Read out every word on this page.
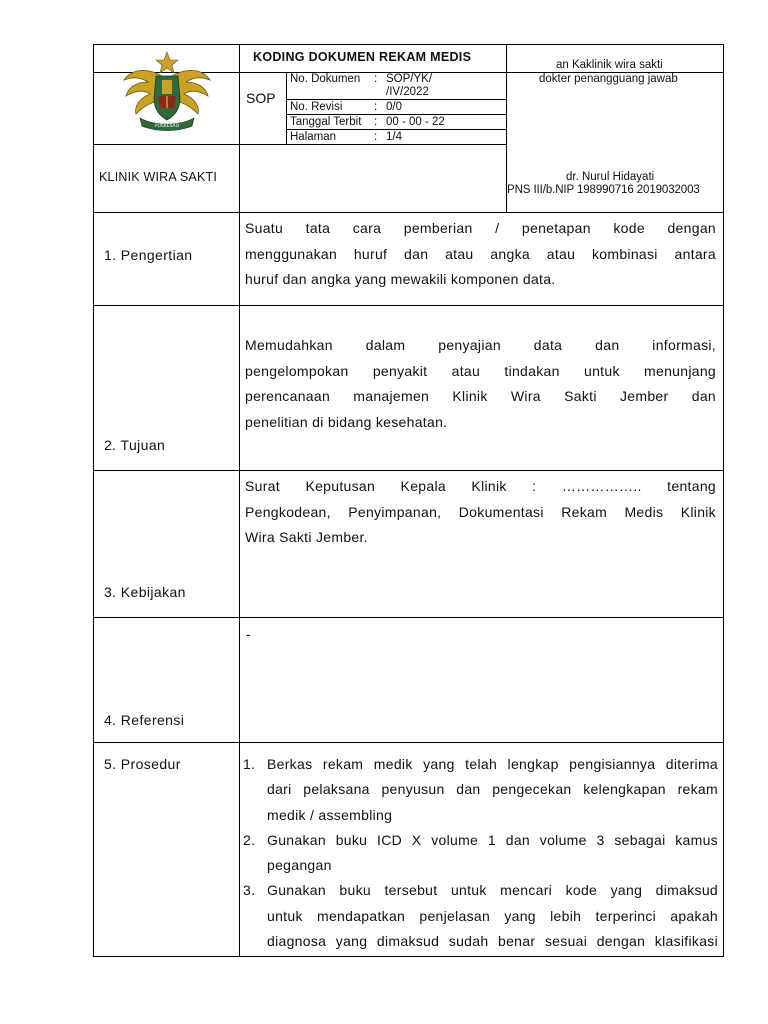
PUSKESAD
KODING DOKUMEN REKAM MEDIS
SOP
No. Dokumen : SOP/YK/
/IV/2022
No. Revisi	: 0/0
Tanggal Terbit : 00 - 00 - 22
Halaman	: 1/4
KLINIK WIRA SAKTI
an Kaklinik wira sakti
dokter penangguang jawab
dr. Nurul Hidayati
PNS III/b.NIP 198990716 2019032003
1. Pengertian
2. Tujuan
3. Kebijakan
4. Referensi
5. Prosedur
Suatu tata cara pemberian / penetapan kode dengan
menggunakan huruf dan atau angka atau kombinasi antara
huruf dan angka yang mewakili komponen data.
Memudahkan dalam penyajian data dan informasi,
pengelompokan penyakit atau tindakan untuk menunjang
perencanaan manajemen Klinik Wira Sakti Jember dan
penelitian di bidang kesehatan.
Surat Keputusan Kepala Klinik : …………….. tentang
Pengkodean, Penyimpanan, Dokumentasi Rekam Medis Klinik
Wira Sakti Jember.
-
1. Berkas rekam medik yang telah lengkap pengisiannya diterima
dari pelaksana penyusun dan pengecekan kelengkapan rekam
medik / assembling
2. Gunakan buku ICD X volume 1 dan volume 3 sebagai kamus
pegangan
3. Gunakan buku tersebut untuk mencari kode yang dimaksud
untuk mendapatkan penjelasan yang lebih terperinci apakah
diagnosa yang dimaksud sudah benar sesuai dengan klasifikasi
